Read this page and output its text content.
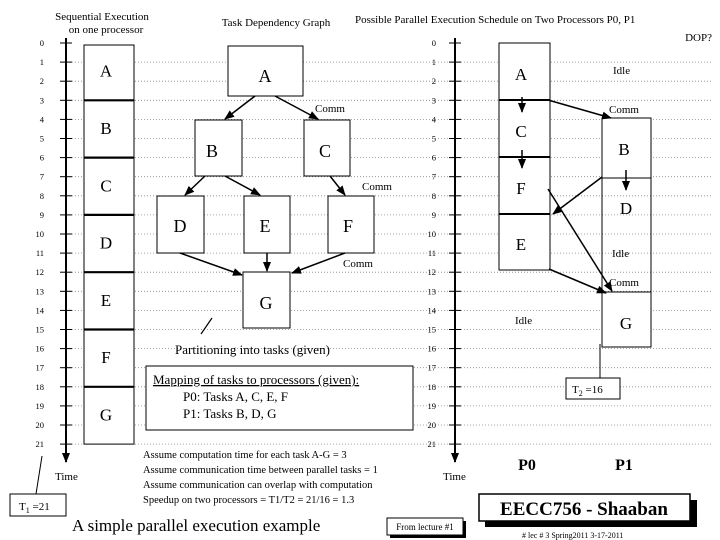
0
1
2
3
4
5
6
7
8
9
10
11
12
13
14
15
16
17
18
19
20
21
Time
0
1
2
3
4
5
6
7
8
9
10
11
12
13
14
15
16
17
18
19
20
21
Time
Sequential Execution
on one processor
Task Dependency Graph Possible Parallel Execution Schedule on Two Processors P0, P1
DOP?
A
B
C
D
E
F
G
A
B	C
D	E	F
G
Comm
Comm
Comm
Partitioning into tasks (given)
Mapping of tasks to processors (given):
P0: Tasks A, C, E, F
P1: Tasks B, D, G
Assume computation time for each task A-G = 3
Assume communication time between parallel tasks = 1
Assume communication can overlap with computation
Speedup on two processors = T1/T2 = 21/16 = 1.3
$T_1 =21$
A
C
F
E
Idle
B
D
G
Idle
Idle
Comm
Comm
$T_2 =16$
P0	P1
A simple parallel execution example	From lecture #1
EECC756 - Shaaban
# lec # 3 Spring2011 3-17-2011
